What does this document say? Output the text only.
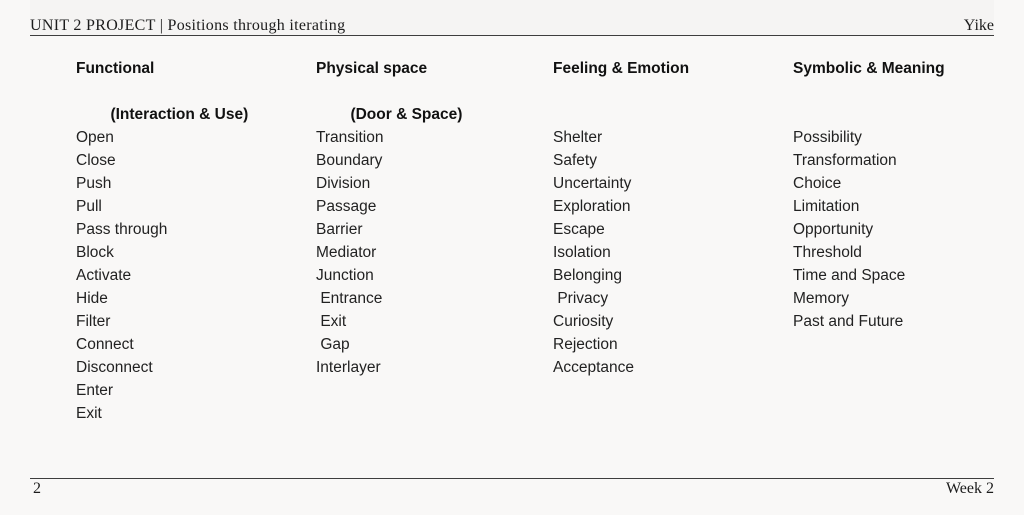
UNIT 2 PROJECT | Positions through iterating	Yike
Functional

(Interaction & Use)
Open
Close
Push
Pull
Pass through
Block
Activate
Hide
Filter
Connect
Disconnect
Enter
Exit
Physical space

(Door & Space)
Transition
Boundary
Division
Passage
Barrier
Mediator
Junction
Entrance
Exit
Gap
Interlayer
Feeling & Emotion

Shelter
Safety
Uncertainty
Exploration
Escape
Isolation
Belonging
Privacy
Curiosity
Rejection
Acceptance
Symbolic & Meaning

Possibility
Transformation
Choice
Limitation
Opportunity
Threshold
Time and Space
Memory
Past and Future
2	Week 2
